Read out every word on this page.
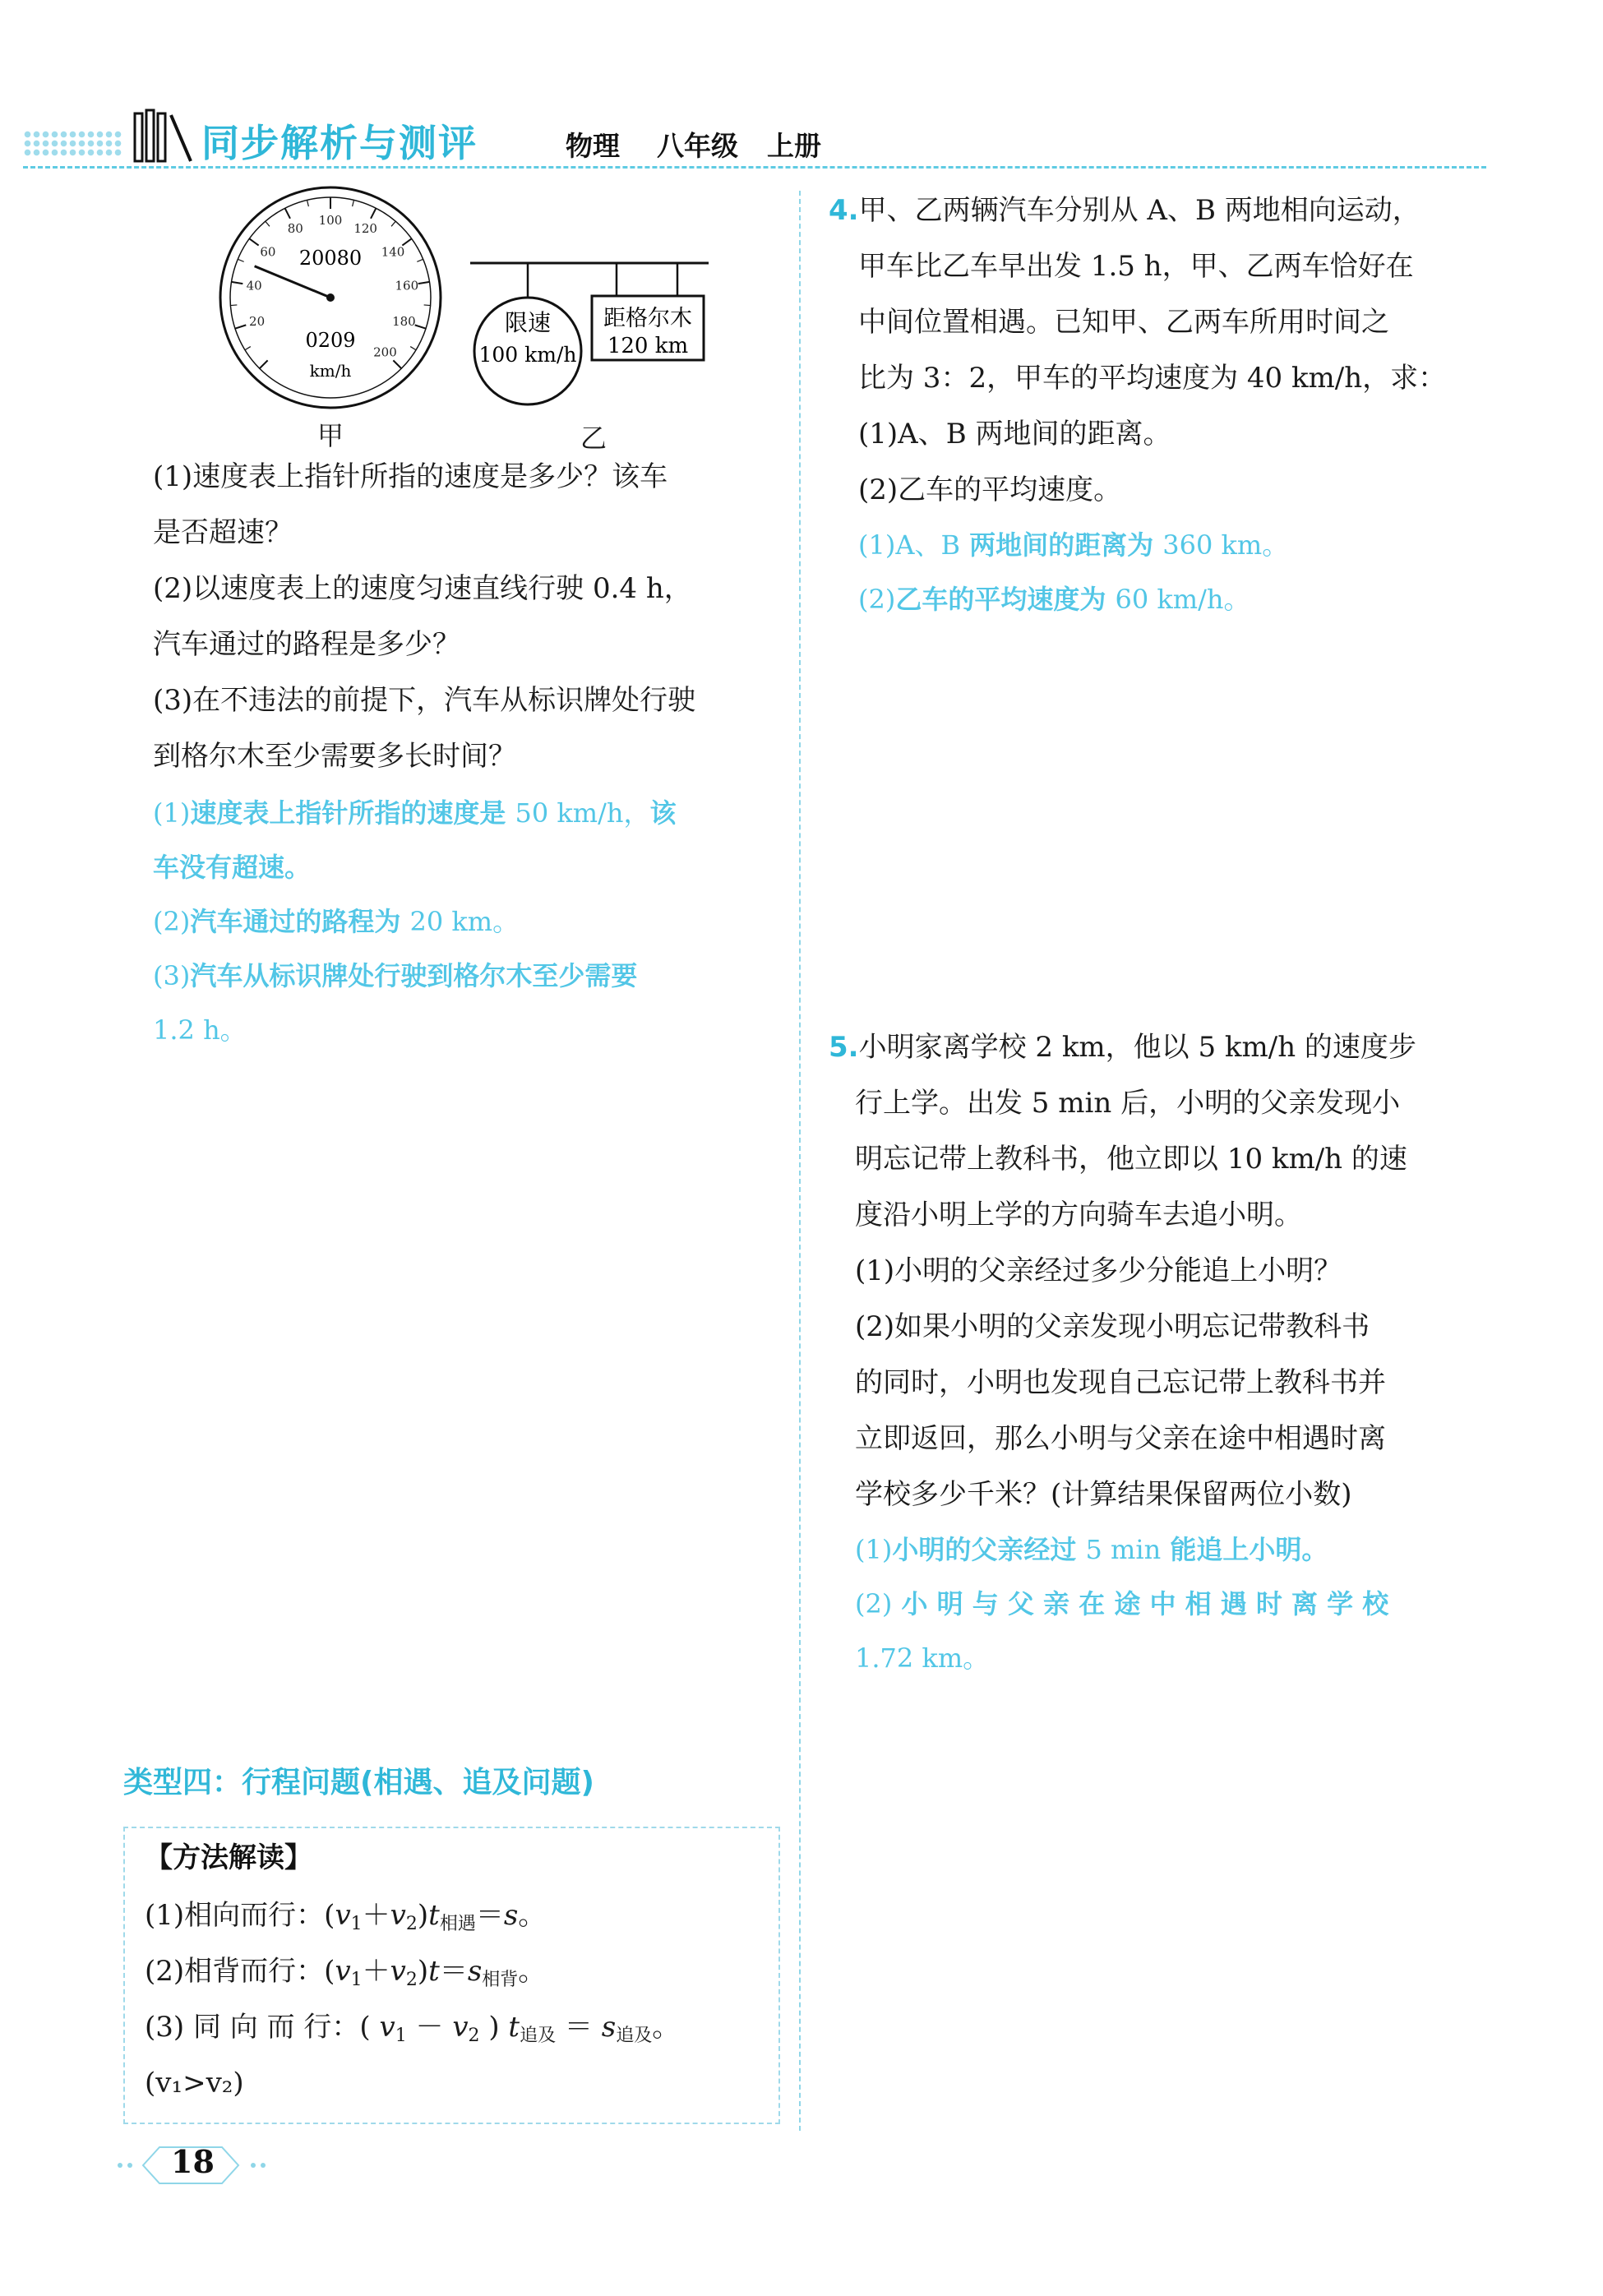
同步解析与测评	物理 八年级 上册
20
40
60
80
100
120
140
160
180
200
20080
0209
km/h
甲
限速
100 km/h
距格尔木
120 km
乙
(1)速度表上指针所指的速度是多少？该车
是否超速？
(2)以速度表上的速度匀速直线行驶 0.4 h，
汽车通过的路程是多少？
(3)在不违法的前提下，汽车从标识牌处行驶
到格尔木至少需要多长时间？
(1)速度表上指针所指的速度是 50 km/h，该
车没有超速。
(2)汽车通过的路程为 20 km。
(3)汽车从标识牌处行驶到格尔木至少需要
1.2 h。
4.甲、乙两辆汽车分别从 A、B 两地相向运动，
甲车比乙车早出发 1.5 h，甲、乙两车恰好在
中间位置相遇。已知甲、乙两车所用时间之
比为 3：2，甲车的平均速度为 40 km/h，求：
(1)A、B 两地间的距离。
(2)乙车的平均速度。
(1)A、B 两地间的距离为 360 km。
(2)乙车的平均速度为 60 km/h。
5.小明家离学校 2 km，他以 5 km/h 的速度步
行上学。出发 5 min 后，小明的父亲发现小
明忘记带上教科书，他立即以 10 km/h 的速
度沿小明上学的方向骑车去追小明。
(1)小明的父亲经过多少分能追上小明？
(2)如果小明的父亲发现小明忘记带教科书
的同时，小明也发现自己忘记带上教科书并
立即返回，那么小明与父亲在途中相遇时离
学校多少千米？(计算结果保留两位小数)
(1)小明的父亲经过 5 min 能追上小明。
(2) 小 明 与 父 亲 在 途 中 相 遇 时 离 学 校
1.72 km。
类型四：行程问题(相遇、追及问题)
【方法解读】
(1)相向而行：$(v1+v2)t_{相遇}=s$。
(2)相背而行：$(v1+v2)t=s_{相背}$。
(3) 同 向 而 行：( v1 － v2 ) $t_{追及} = s_{追及}$。
(v₁>v₂)
18
